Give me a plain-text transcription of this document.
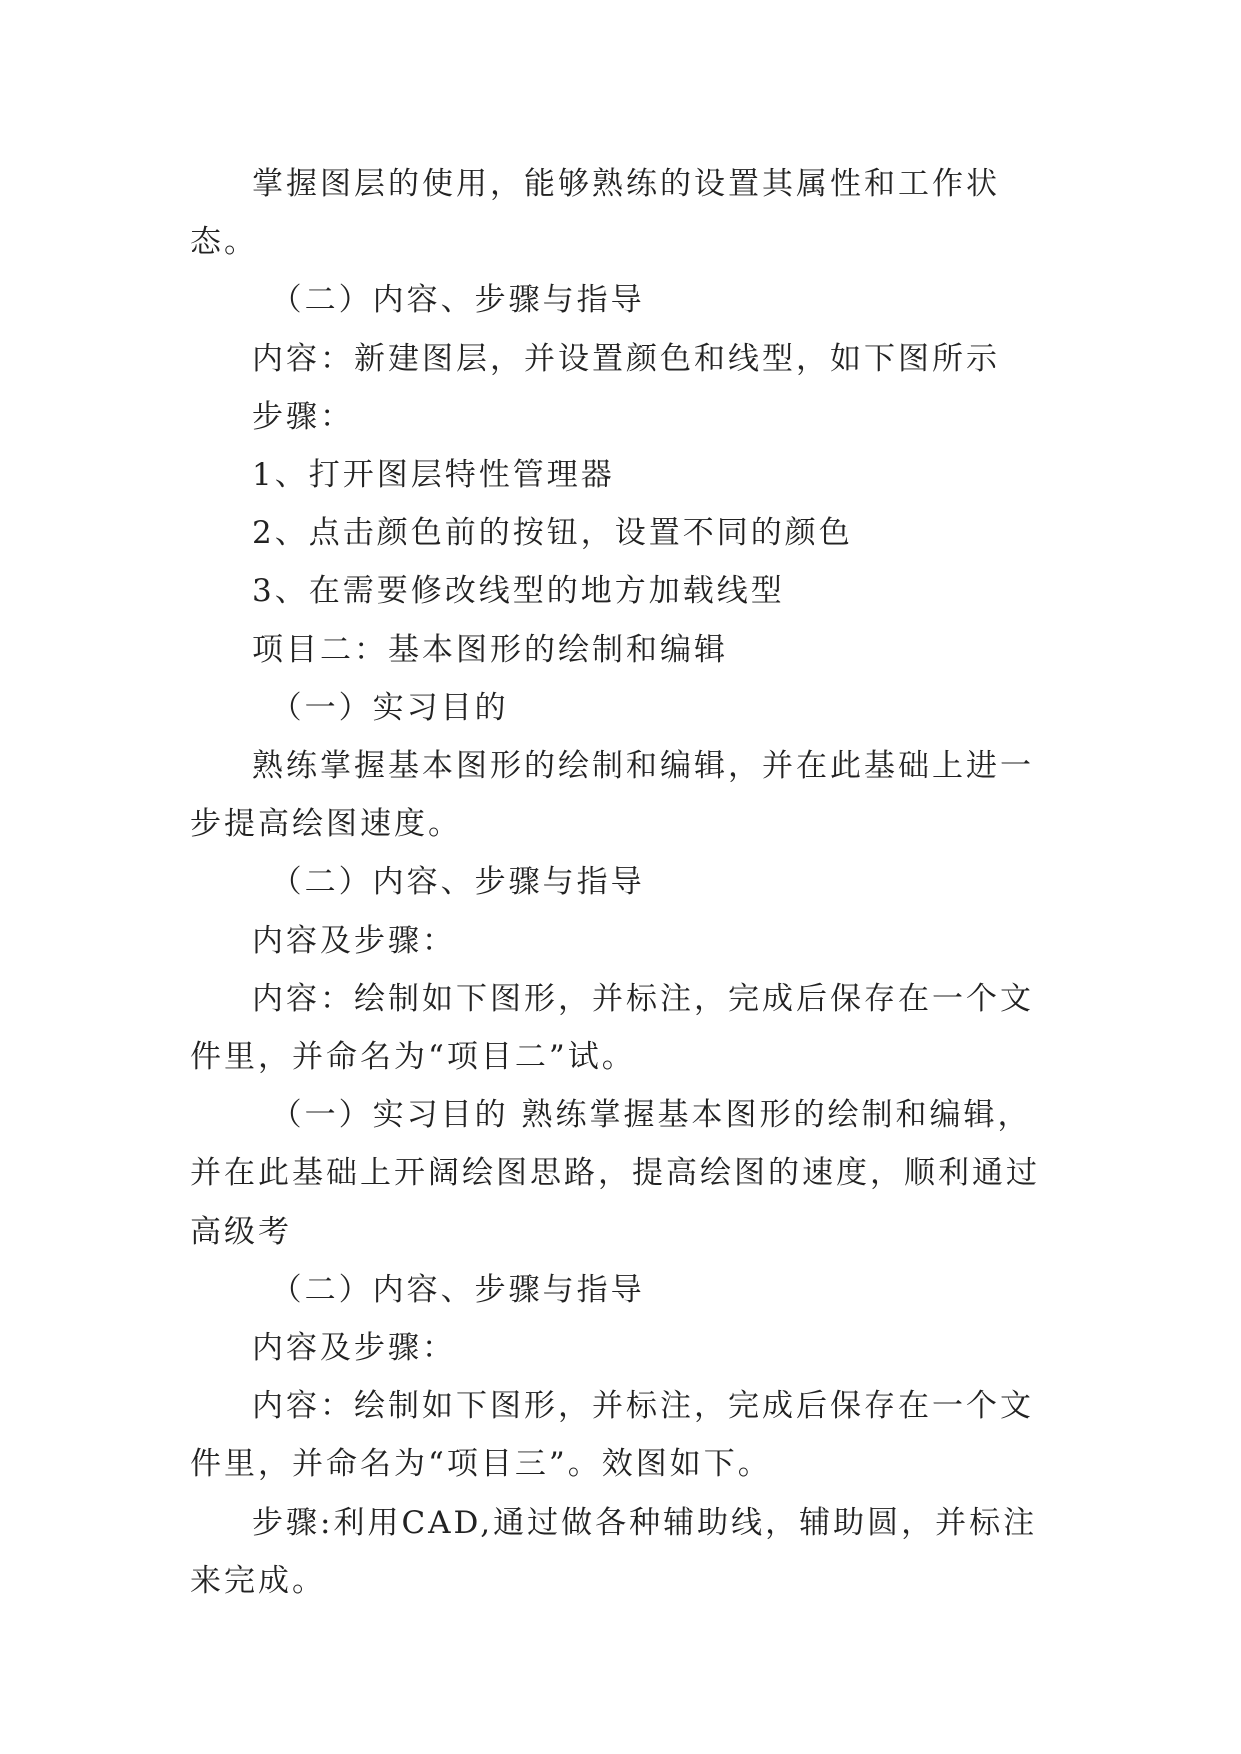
掌握图层的使用，能够熟练的设置其属性和工作状态。

（二）内容、步骤与指导

内容：新建图层，并设置颜色和线型，如下图所示

步骤：

1、打开图层特性管理器

2、点击颜色前的按钮，设置不同的颜色

3、在需要修改线型的地方加载线型

项目二：基本图形的绘制和编辑

（一）实习目的

熟练掌握基本图形的绘制和编辑，并在此基础上进一步提高绘图速度。

（二）内容、步骤与指导

内容及步骤：

内容：绘制如下图形，并标注，完成后保存在一个文件里，并命名为“项目二”试。

（一）实习目的 熟练掌握基本图形的绘制和编辑，并在此基础上开阔绘图思路，提高绘图的速度，顺利通过高级考

（二）内容、步骤与指导

内容及步骤：

内容：绘制如下图形，并标注，完成后保存在一个文件里，并命名为“项目三”。效图如下。

步骤:利用CAD,通过做各种辅助线，辅助圆，并标注来完成。
